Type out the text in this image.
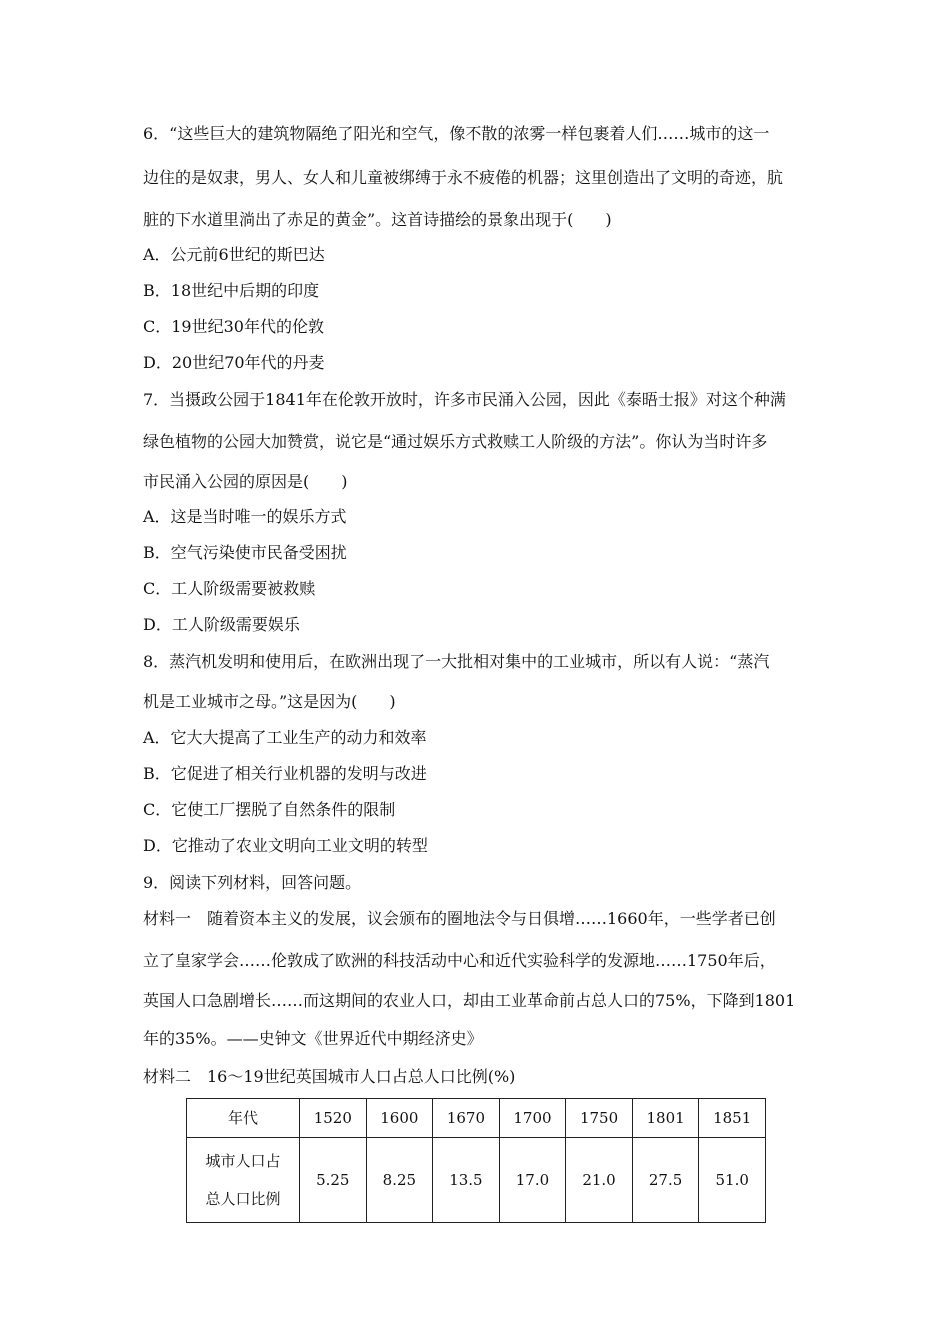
6．“这些巨大的建筑物隔绝了阳光和空气，像不散的浓雾一样包裹着人们……城市的这一
边住的是奴隶，男人、女人和儿童被绑缚于永不疲倦的机器；这里创造出了文明的奇迹，肮
脏的下水道里淌出了赤足的黄金”。这首诗描绘的景象出现于(　　)
A．公元前6世纪的斯巴达
B．18世纪中后期的印度
C．19世纪30年代的伦敦
D．20世纪70年代的丹麦
7．当摄政公园于1841年在伦敦开放时，许多市民涌入公园，因此《泰晤士报》对这个种满
绿色植物的公园大加赞赏，说它是“通过娱乐方式救赎工人阶级的方法”。你认为当时许多
市民涌入公园的原因是(　　)
A．这是当时唯一的娱乐方式
B．空气污染使市民备受困扰
C．工人阶级需要被救赎
D．工人阶级需要娱乐
8．蒸汽机发明和使用后，在欧洲出现了一大批相对集中的工业城市，所以有人说：“蒸汽
机是工业城市之母。”这是因为(　　)
A．它大大提高了工业生产的动力和效率
B．它促进了相关行业机器的发明与改进
C．它使工厂摆脱了自然条件的限制
D．它推动了农业文明向工业文明的转型
9．阅读下列材料，回答问题。
材料一　随着资本主义的发展，议会颁布的圈地法令与日俱增……1660年，一些学者已创
立了皇家学会……伦敦成了欧洲的科技活动中心和近代实验科学的发源地……1750年后，
英国人口急剧增长……而这期间的农业人口，却由工业革命前占总人口的75%，下降到1801
年的35%。——史钟文《世界近代中期经济史》
材料二　16～19世纪英国城市人口占总人口比例(%)
年代	1520	1600	1670	1700	1750	1801	1851

城市人口占
总人口比例	5.25	8.25	13.5	17.0	21.0	27.5	51.0
